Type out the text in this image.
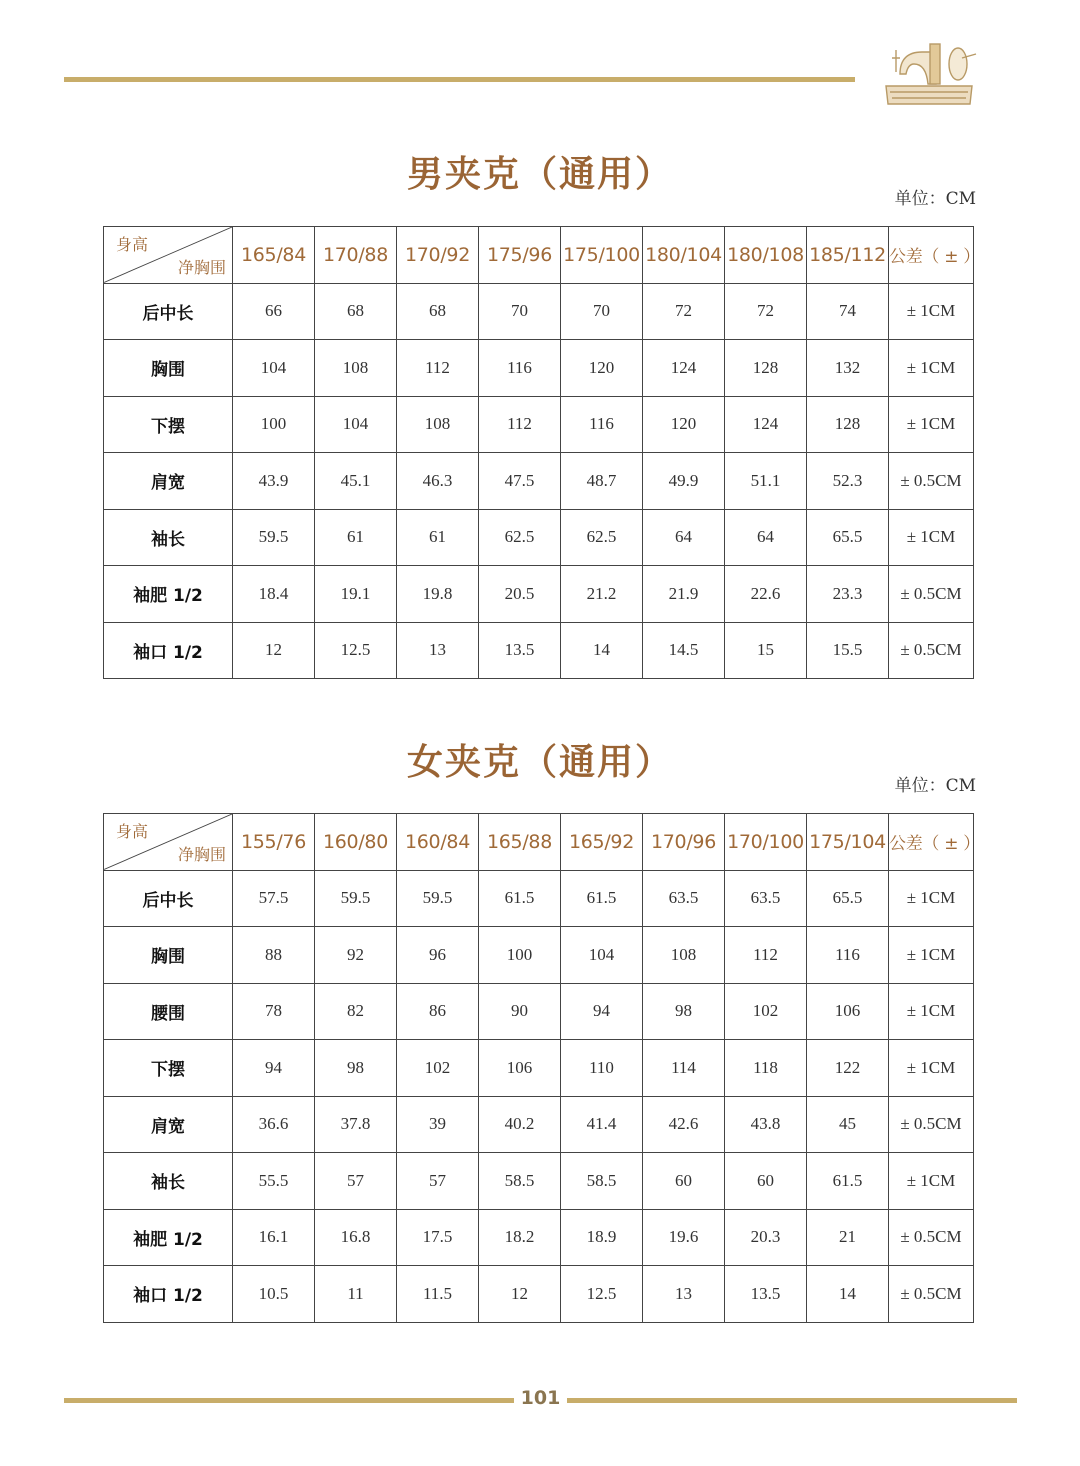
男夹克（通用）
单位：CM
身高
净胸围	165/84	170/88	170/92	175/96	175/100	180/104	180/108	185/112	公差（ ± ）
后中长	66	68	68	70	70	72	72	74	± 1CM
胸围	104	108	112	116	120	124	128	132	± 1CM
下摆	100	104	108	112	116	120	124	128	± 1CM
肩宽	43.9	45.1	46.3	47.5	48.7	49.9	51.1	52.3	± 0.5CM
袖长	59.5	61	61	62.5	62.5	64	64	65.5	± 1CM
袖肥 1/2	18.4	19.1	19.8	20.5	21.2	21.9	22.6	23.3	± 0.5CM
袖口 1/2	12	12.5	13	13.5	14	14.5	15	15.5	± 0.5CM
女夹克（通用）
单位：CM
身高
净胸围	155/76	160/80	160/84	165/88	165/92	170/96	170/100	175/104	公差（ ± ）
后中长	57.5	59.5	59.5	61.5	61.5	63.5	63.5	65.5	± 1CM
胸围	88	92	96	100	104	108	112	116	± 1CM
腰围	78	82	86	90	94	98	102	106	± 1CM
下摆	94	98	102	106	110	114	118	122	± 1CM
肩宽	36.6	37.8	39	40.2	41.4	42.6	43.8	45	± 0.5CM
袖长	55.5	57	57	58.5	58.5	60	60	61.5	± 1CM
袖肥 1/2	16.1	16.8	17.5	18.2	18.9	19.6	20.3	21	± 0.5CM
袖口 1/2	10.5	11	11.5	12	12.5	13	13.5	14	± 0.5CM
101
